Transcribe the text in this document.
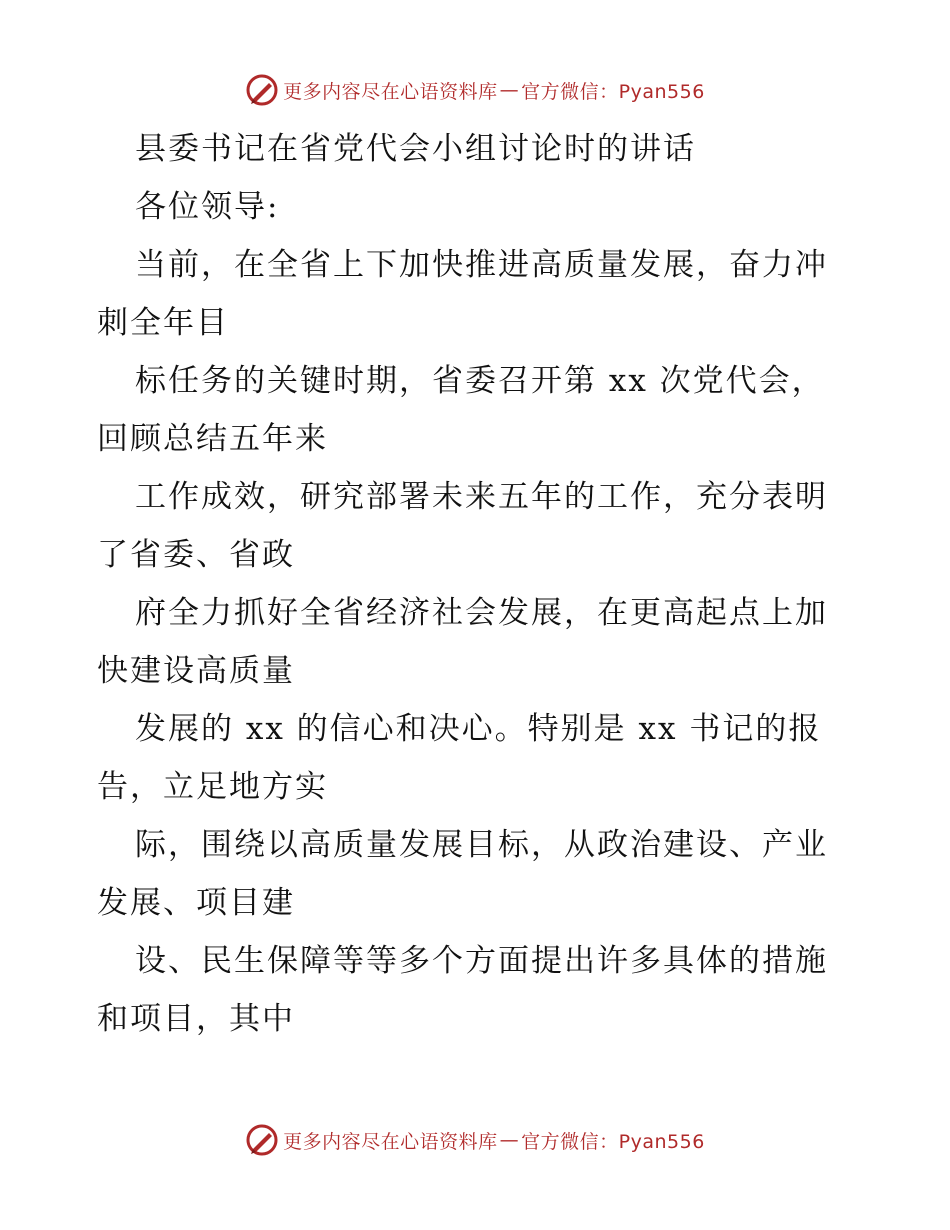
更多内容尽在心语资料库 — 官方微信：Pyan556
县委书记在省党代会小组讨论时的讲话
各位领导:
当前，在全省上下加快推进高质量发展，奋力冲
刺全年目
标任务的关键时期，省委召开第 xx 次党代会，
回顾总结五年来
工作成效，研究部署未来五年的工作，充分表明
了省委、省政
府全力抓好全省经济社会发展，在更高起点上加
快建设高质量
发展的 xx 的信心和决心。特别是 xx 书记的报
告，立足地方实
际，围绕以高质量发展目标，从政治建设、产业
发展、项目建
设、民生保障等等多个方面提出许多具体的措施
和项目，其中
更多内容尽在心语资料库 — 官方微信：Pyan556
